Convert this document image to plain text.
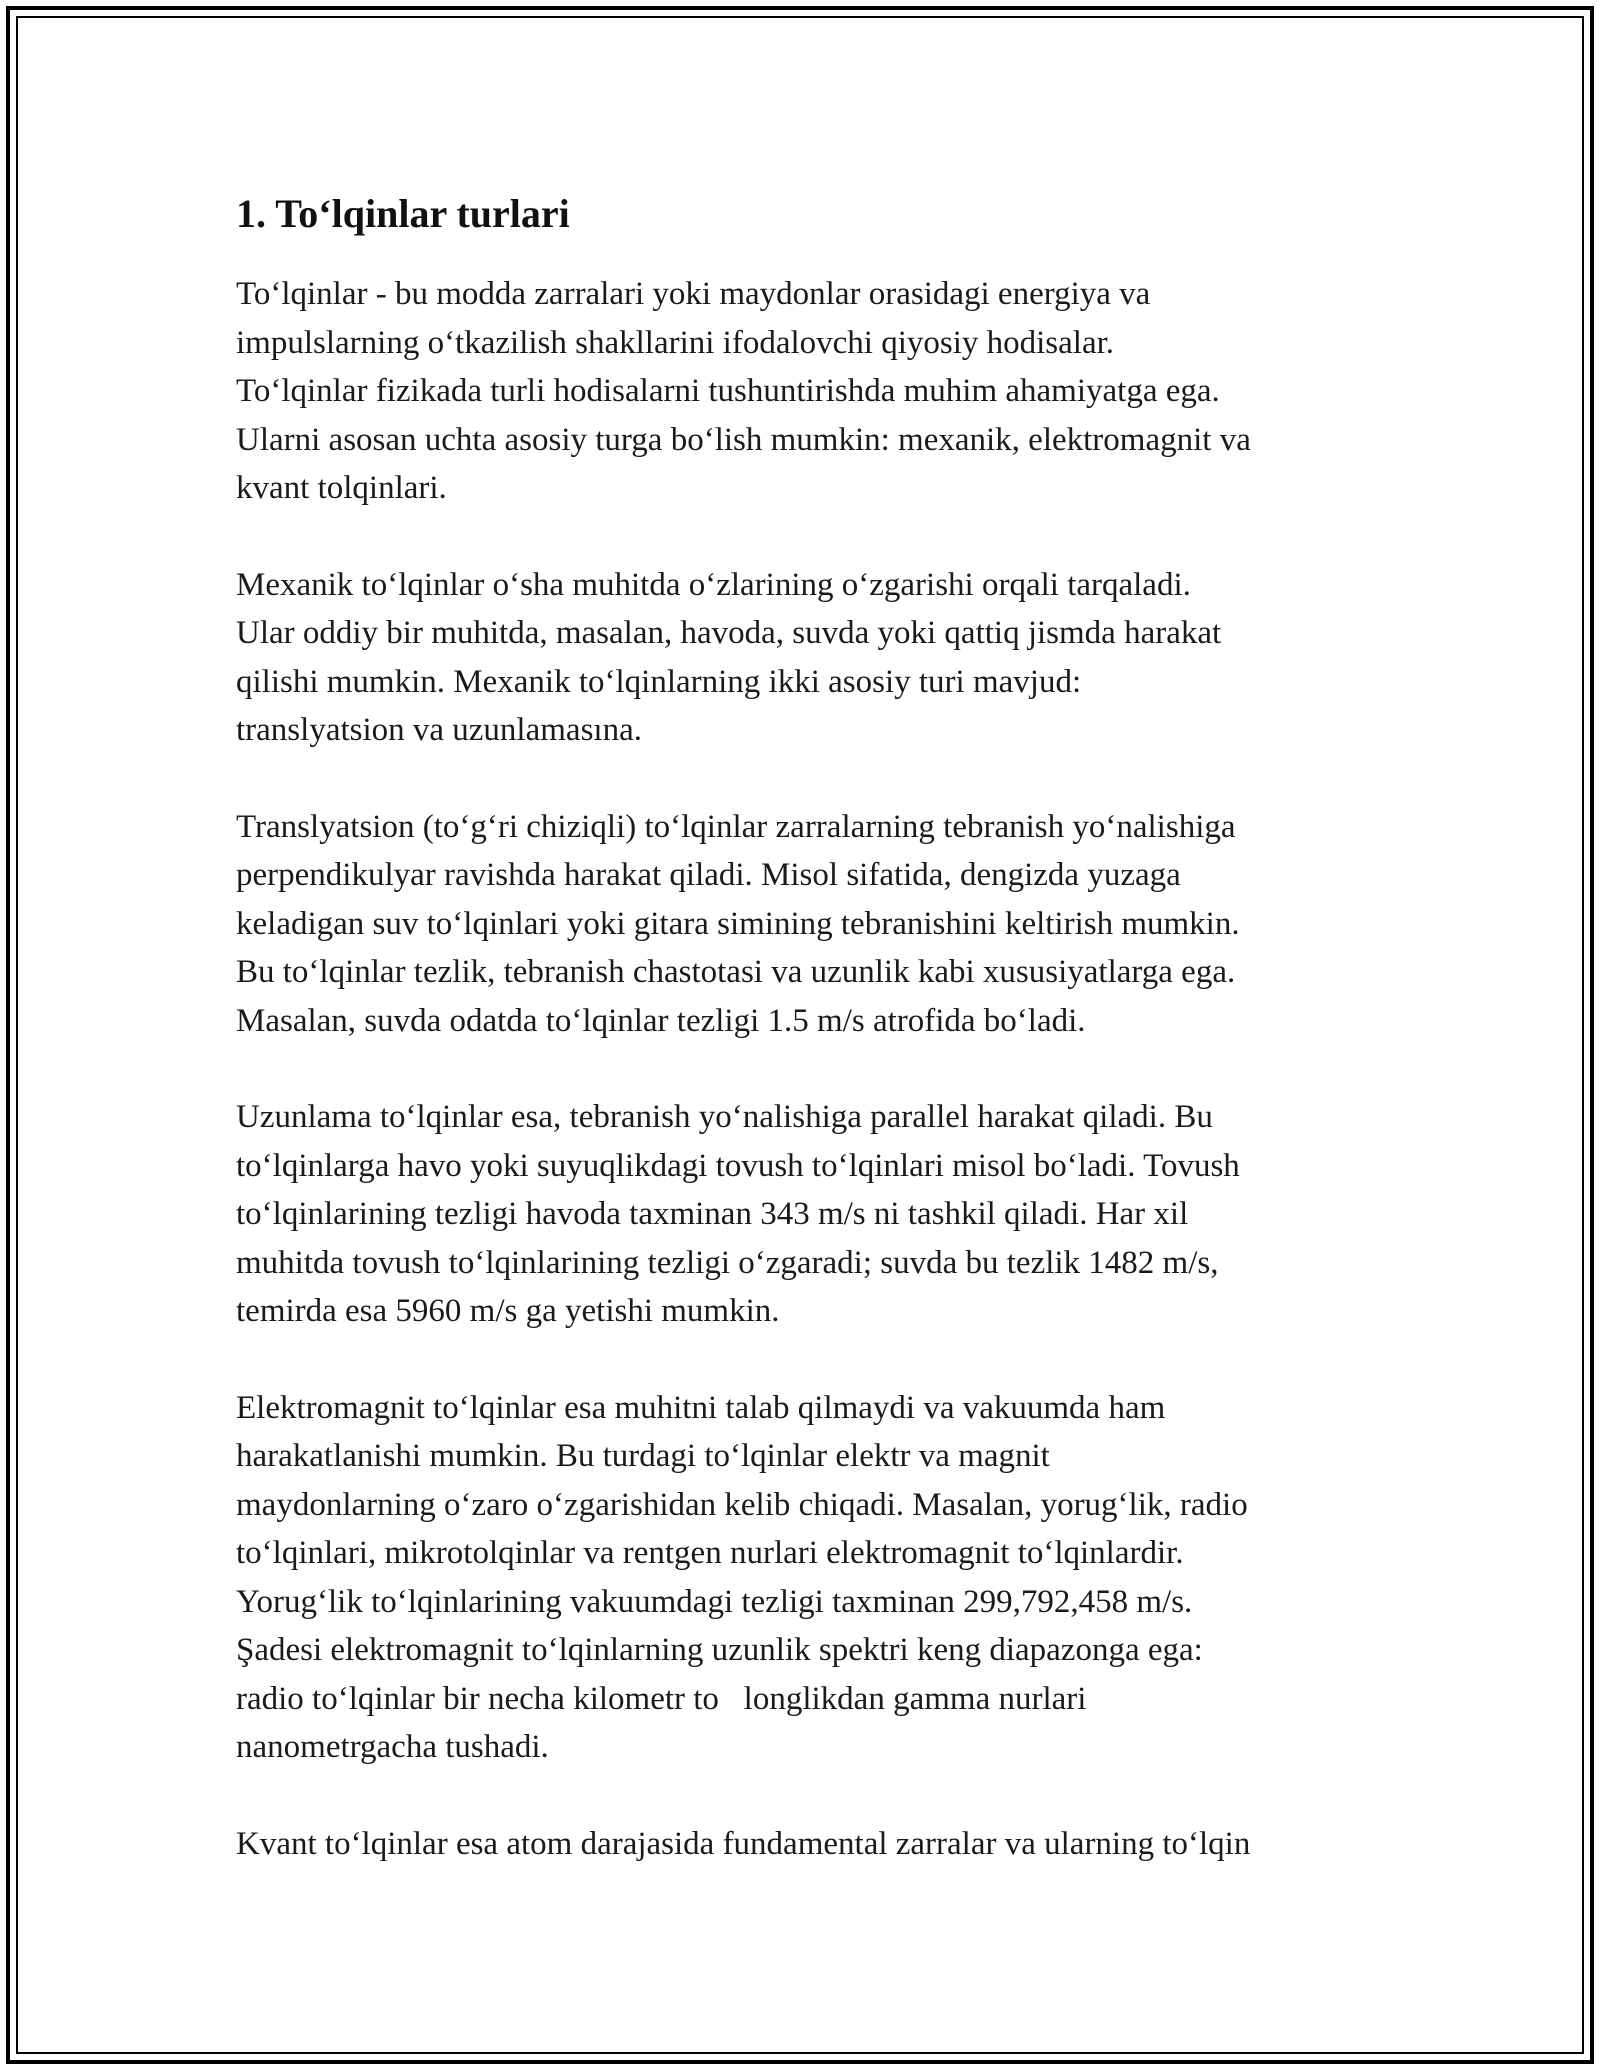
1. To‘lqinlar turlari
To‘lqinlar - bu modda zarralari yoki maydonlar orasidagi energiya va
impulslarning o‘tkazilish shakllarini ifodalovchi qiyosiy hodisalar.
To‘lqinlar fizikada turli hodisalarni tushuntirishda muhim ahamiyatga ega.
Ularni asosan uchta asosiy turga bo‘lish mumkin: mexanik, elektromagnit va
kvant tolqinlari.
Mexanik to‘lqinlar o‘sha muhitda o‘zlarining o‘zgarishi orqali tarqaladi.
Ular oddiy bir muhitda, masalan, havoda, suvda yoki qattiq jismda harakat
qilishi mumkin. Mexanik to‘lqinlarning ikki asosiy turi mavjud:
translyatsion va uzunlamasına.
Translyatsion (to‘g‘ri chiziqli) to‘lqinlar zarralarning tebranish yo‘nalishiga
perpendikulyar ravishda harakat qiladi. Misol sifatida, dengizda yuzaga
keladigan suv to‘lqinlari yoki gitara simining tebranishini keltirish mumkin.
Bu to‘lqinlar tezlik, tebranish chastotasi va uzunlik kabi xususiyatlarga ega.
Masalan, suvda odatda to‘lqinlar tezligi 1.5 m/s atrofida bo‘ladi.
Uzunlama to‘lqinlar esa, tebranish yo‘nalishiga parallel harakat qiladi. Bu
to‘lqinlarga havo yoki suyuqlikdagi tovush to‘lqinlari misol bo‘ladi. Tovush
to‘lqinlarining tezligi havoda taxminan 343 m/s ni tashkil qiladi. Har xil
muhitda tovush to‘lqinlarining tezligi o‘zgaradi; suvda bu tezlik 1482 m/s,
temirda esa 5960 m/s ga yetishi mumkin.
Elektromagnit to‘lqinlar esa muhitni talab qilmaydi va vakuumda ham
harakatlanishi mumkin. Bu turdagi to‘lqinlar elektr va magnit
maydonlarning o‘zaro o‘zgarishidan kelib chiqadi. Masalan, yorug‘lik, radio
to‘lqinlari, mikrotolqinlar va rentgen nurlari elektromagnit to‘lqinlardir.
Yorug‘lik to‘lqinlarining vakuumdagi tezligi taxminan 299,792,458 m/s.
Şadesi elektromagnit to‘lqinlarning uzunlik spektri keng diapazonga ega:
radio to‘lqinlar bir necha kilometr to   longlikdan gamma nurlari
nanometrgacha tushadi.
Kvant to‘lqinlar esa atom darajasida fundamental zarralar va ularning to‘lqin
